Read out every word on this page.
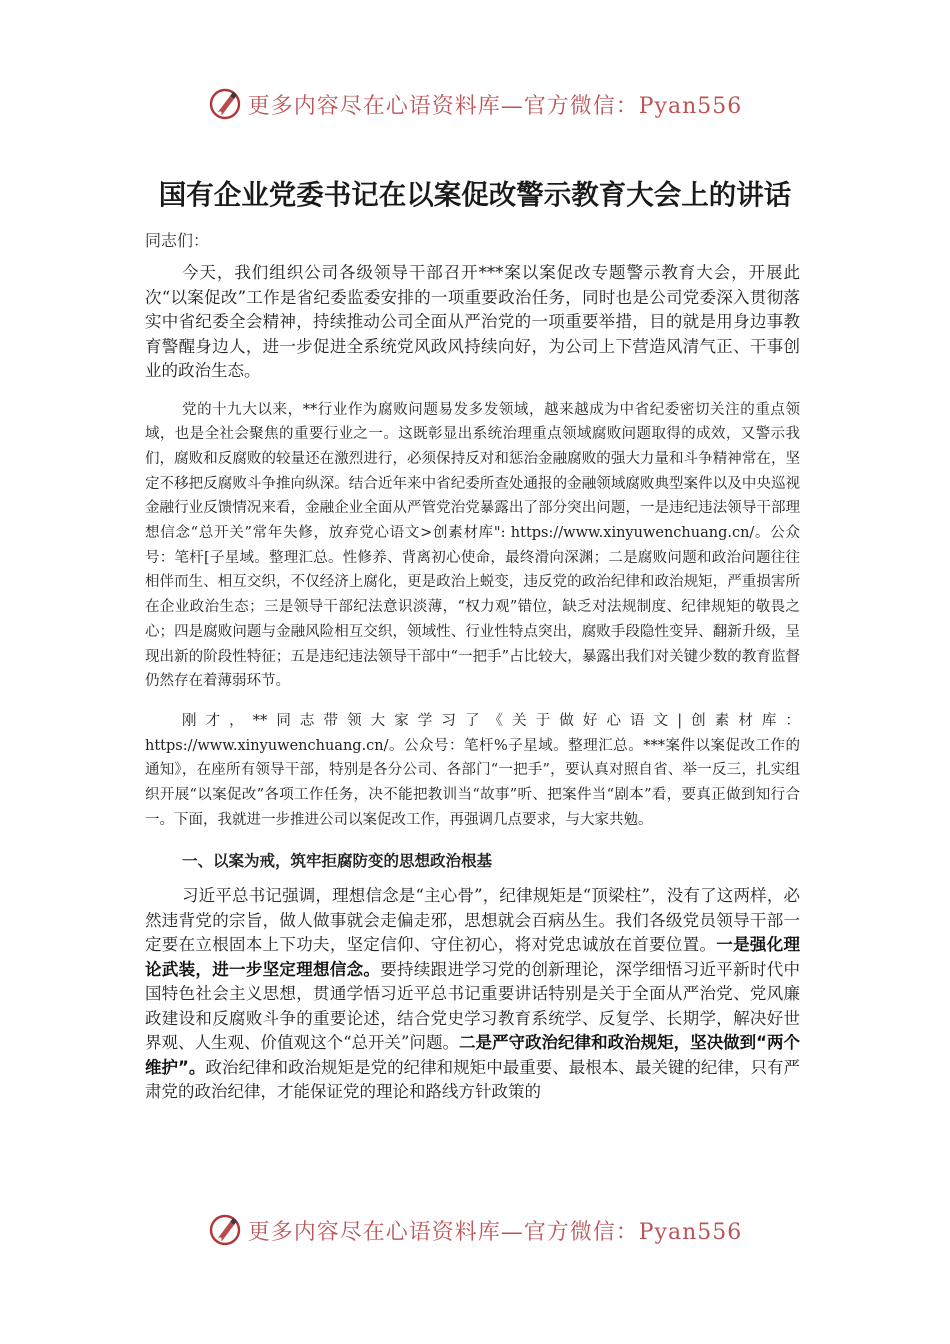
更多内容尽在心语资料库—官方微信：Pyan556
国有企业党委书记在以案促改警示教育大会上的讲话
同志们：

今天，我们组织公司各级领导干部召开***案以案促改专题警示教育大会，开展此次“以案促改”工作是省纪委监委安排的一项重要政治任务，同时也是公司党委深入贯彻落实中省纪委全会精神，持续推动公司全面从严治党的一项重要举措，目的就是用身边事教育警醒身边人，进一步促进全系统党风政风持续向好，为公司上下营造风清气正、干事创业的政治生态。

党的十九大以来，**行业作为腐败问题易发多发领域，越来越成为中省纪委密切关注的重点领域，也是全社会聚焦的重要行业之一。这既彰显出系统治理重点领域腐败问题取得的成效，又警示我们，腐败和反腐败的较量还在激烈进行，必须保持反对和惩治金融腐败的强大力量和斗争精神常在，坚定不移把反腐败斗争推向纵深。结合近年来中省纪委所查处通报的金融领域腐败典型案件以及中央巡视金融行业反馈情况来看，金融企业全面从严管党治党暴露出了部分突出问题，一是违纪违法领导干部理想信念“总开关”常年失修，放弃党心语文>创素材库": https://www.xinyuwenchuang.cn/。公众号：笔杆[子星域。整理汇总。性修养、背离初心使命，最终滑向深渊；二是腐败问题和政治问题往往相伴而生、相互交织，不仅经济上腐化，更是政治上蜕变，违反党的政治纪律和政治规矩，严重损害所在企业政治生态；三是领导干部纪法意识淡薄，“权力观”错位，缺乏对法规制度、纪律规矩的敬畏之心；四是腐败问题与金融风险相互交织，领域性、行业性特点突出，腐败手段隐性变异、翻新升级，呈现出新的阶段性特征；五是违纪违法领导干部中“一把手”占比较大，暴露出我们对关键少数的教育监督仍然存在着薄弱环节。

刚才，**同志带领大家学习了《关于做好心语文|创素材库：https://www.xinyuwenchuang.cn/。公众号：笔杆%子星域。整理汇总。***案件以案促改工作的通知》，在座所有领导干部，特别是各分公司、各部门“一把手”，要认真对照自省、举一反三，扎实组织开展“以案促改”各项工作任务，决不能把教训当“故事”听、把案件当“剧本”看，要真正做到知行合一。下面，我就进一步推进公司以案促改工作，再强调几点要求，与大家共勉。

一、以案为戒，筑牢拒腐防变的思想政治根基

习近平总书记强调，理想信念是“主心骨”，纪律规矩是“顶梁柱”，没有了这两样，必然违背党的宗旨，做人做事就会走偏走邪，思想就会百病丛生。我们各级党员领导干部一定要在立根固本上下功夫，坚定信仰、守住初心，将对党忠诚放在首要位置。一是强化理论武装，进一步坚定理想信念。要持续跟进学习党的创新理论，深学细悟习近平新时代中国特色社会主义思想，贯通学悟习近平总书记重要讲话特别是关于全面从严治党、党风廉政建设和反腐败斗争的重要论述，结合党史学习教育系统学、反复学、长期学，解决好世界观、人生观、价值观这个“总开关”问题。二是严守政治纪律和政治规矩，坚决做到“两个维护”。政治纪律和政治规矩是党的纪律和规矩中最重要、最根本、最关键的纪律，只有严肃党的政治纪律，才能保证党的理论和路线方针政策的

更多内容尽在心语资料库—官方微信：Pyan556
